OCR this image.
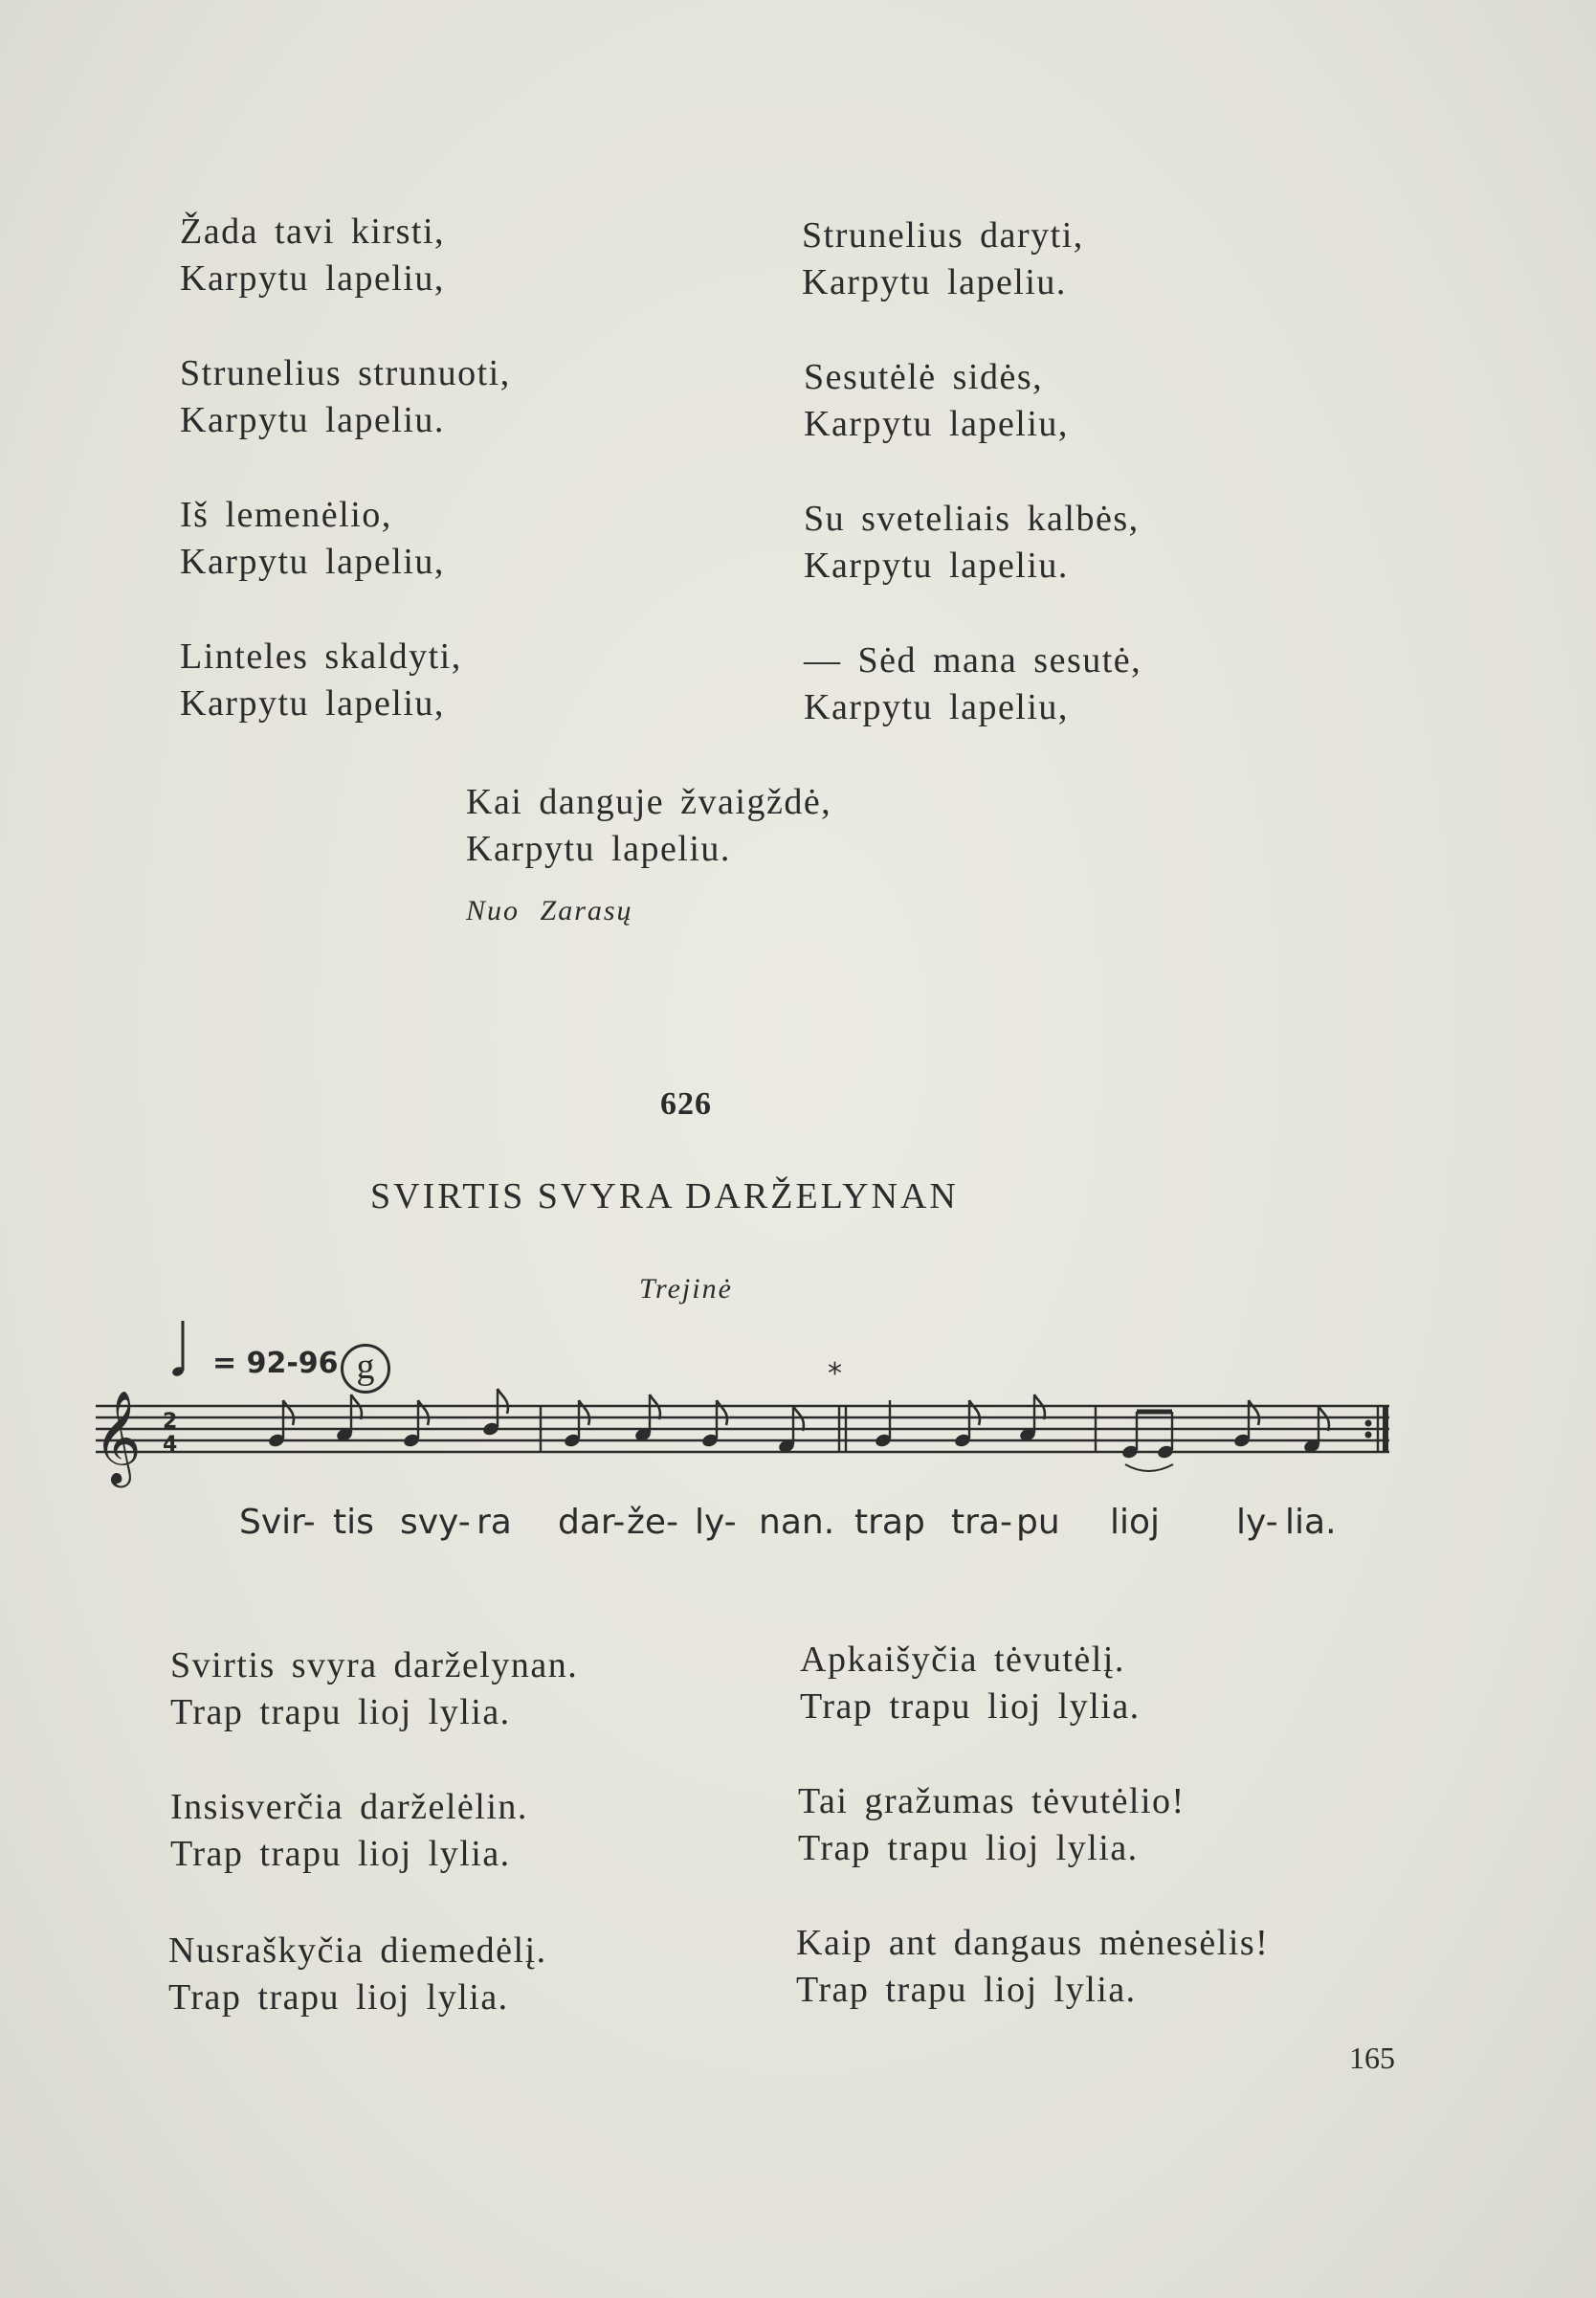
Žada tavi kirsti,
Karpytu lapeliu,
Strunelius strunuoti,
Karpytu lapeliu.
Iš lemenėlio,
Karpytu lapeliu,
Linteles skaldyti,
Karpytu lapeliu,
Strunelius daryti,
Karpytu lapeliu.
Sesutėlė sidės,
Karpytu lapeliu,
Su sveteliais kalbės,
Karpytu lapeliu.
— Sėd mana sesutė,
Karpytu lapeliu,
Kai danguje žvaigždė,
Karpytu lapeliu.
Nuo Zarasų
626
SVIRTIS SVYRA DARŽELYNAN
Trejinė
= 92-96 g	*
𝄞 2
4
Svir- tis svy- ra dar- že- ly- nan. trap tra- pu lioj ly- lia.
Svirtis svyra darželynan.
Trap trapu lioj lylia.
Insisverčia darželėlin.
Trap trapu lioj lylia.
Nusraškyčia diemedėlį.
Trap trapu lioj lylia.
Apkaišyčia tėvutėlį.
Trap trapu lioj lylia.
Tai gražumas tėvutėlio!
Trap trapu lioj lylia.
Kaip ant dangaus mėnesėlis!
Trap trapu lioj lylia.
165
